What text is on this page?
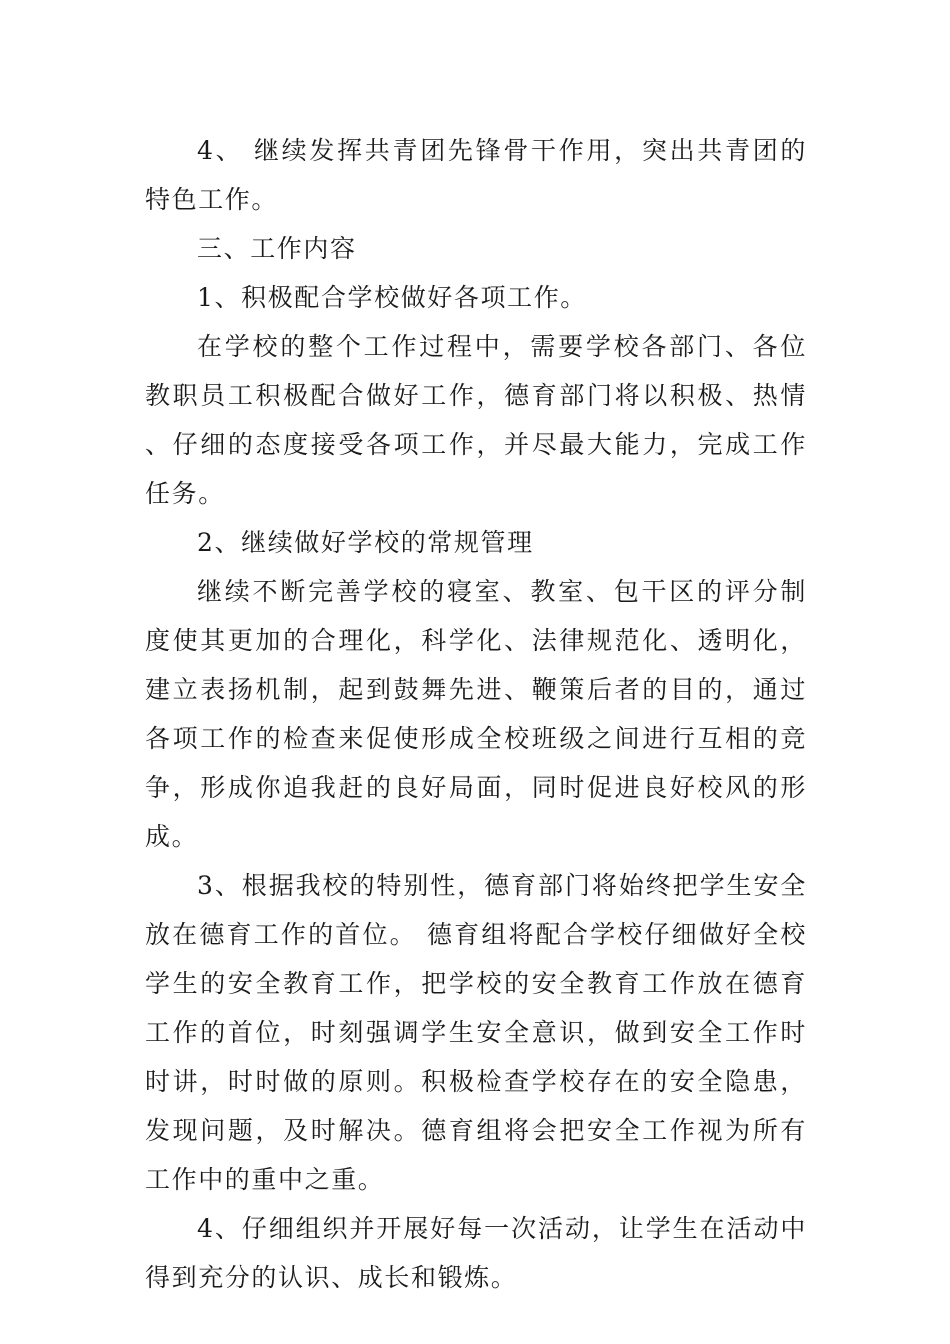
4、 继续发挥共青团先锋骨干作用，突出共青团的特色工作。

三、工作内容

1、积极配合学校做好各项工作。

在学校的整个工作过程中，需要学校各部门、各位教职员工积极配合做好工作，德育部门将以积极、热情、仔细的态度接受各项工作，并尽最大能力，完成工作任务。

2、继续做好学校的常规管理

继续不断完善学校的寝室、教室、包干区的评分制度使其更加的合理化，科学化、法律规范化、透明化，建立表扬机制，起到鼓舞先进、鞭策后者的目的，通过各项工作的检查来促使形成全校班级之间进行互相的竞争，形成你追我赶的良好局面，同时促进良好校风的形成。

3、根据我校的特别性，德育部门将始终把学生安全放在德育工作的首位。 德育组将配合学校仔细做好全校学生的安全教育工作，把学校的安全教育工作放在德育工作的首位，时刻强调学生安全意识，做到安全工作时时讲，时时做的原则。积极检查学校存在的安全隐患，发现问题，及时解决。德育组将会把安全工作视为所有工作中的重中之重。

4、仔细组织并开展好每一次活动，让学生在活动中得到充分的认识、成长和锻炼。
